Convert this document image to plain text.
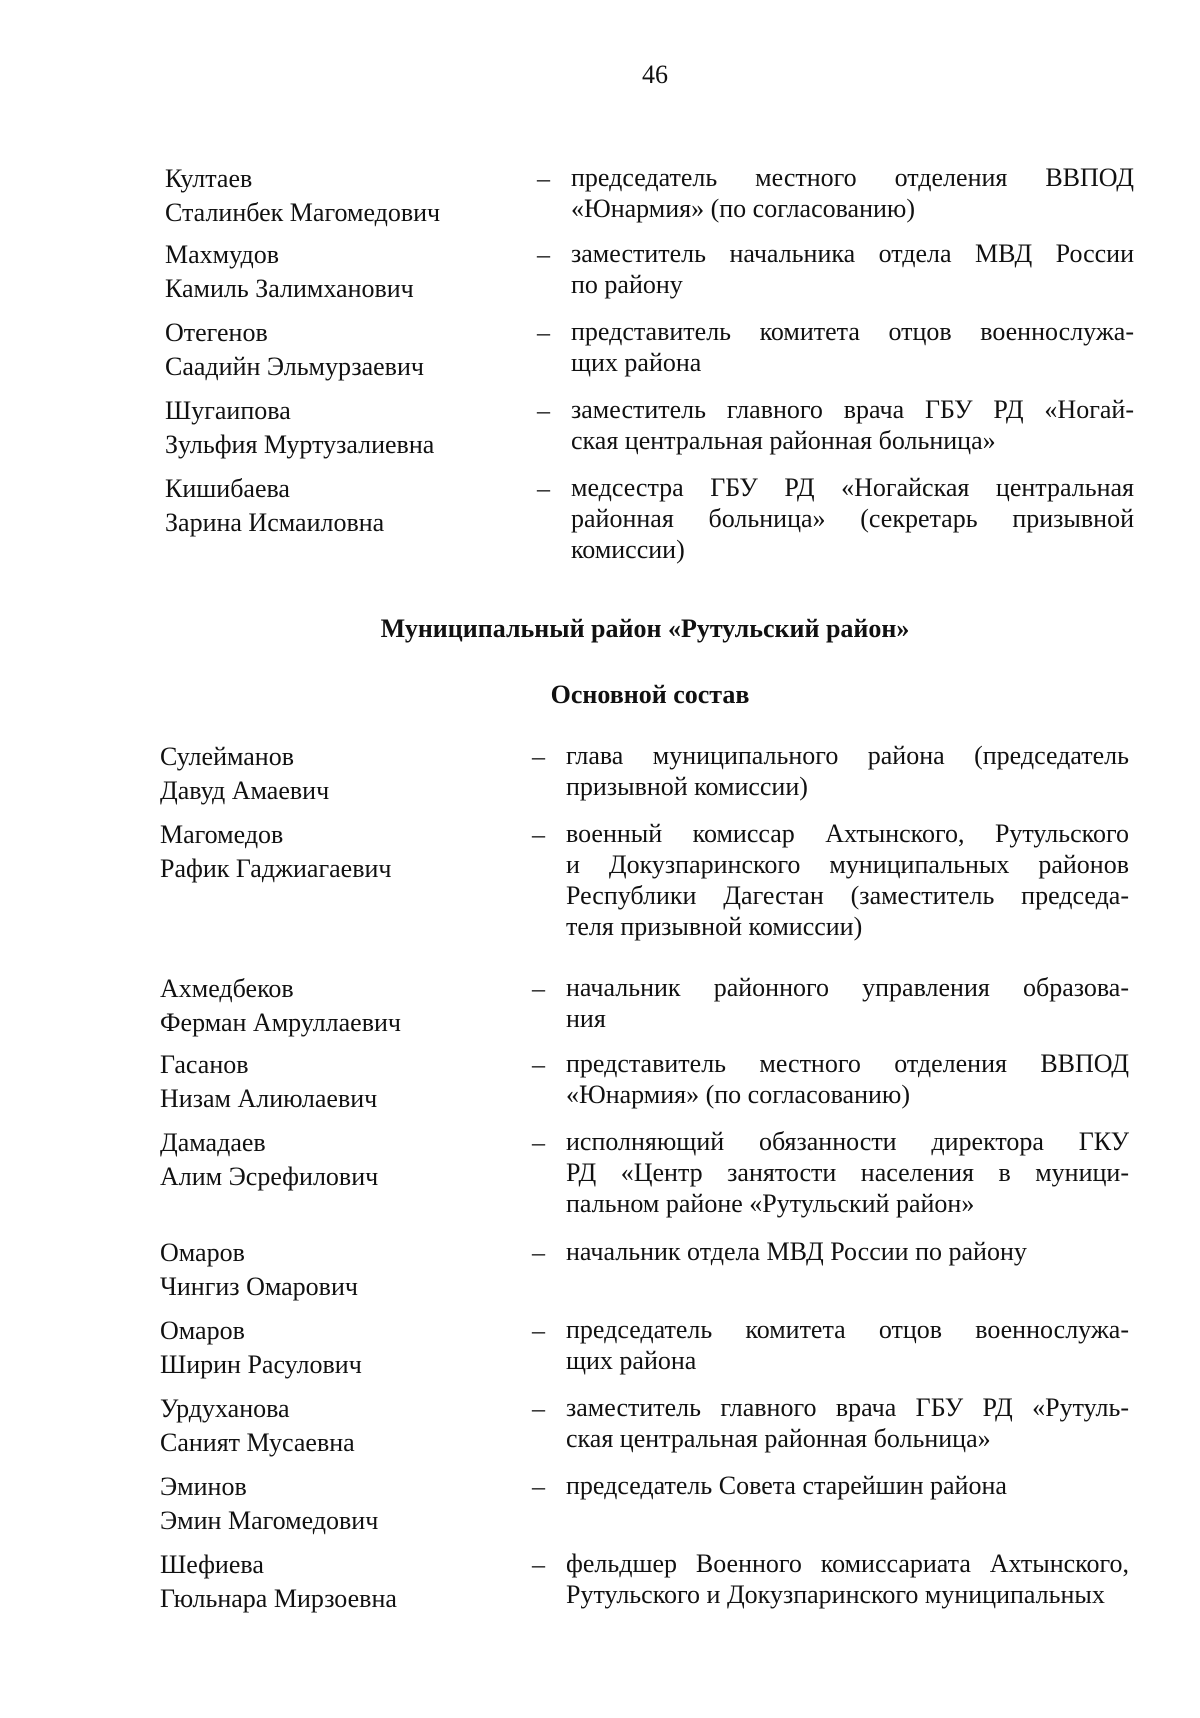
46
Култаев
Сталинбек Магомедович
– председатель местного отделения ВВПОД
«Юнармия» (по согласованию)
Махмудов
Камиль Залимханович
– заместитель начальника отдела МВД России
по району
Отегенов
Саадийн Эльмурзаевич
– представитель комитета отцов военнослужа-
щих района
Шугаипова
Зульфия Муртузалиевна
– заместитель главного врача ГБУ РД «Ногай-
ская центральная районная больница»
Кишибаева
Зарина Исмаиловна
– медсестра ГБУ РД «Ногайская центральная
районная больница» (секретарь призывной
комиссии)
Муниципальный район «Рутульский район»
Основной состав
Сулейманов
Давуд Амаевич
– глава муниципального района (председатель
призывной комиссии)
Магомедов
Рафик Гаджиагаевич
– военный комиссар Ахтынского, Рутульского
и Докузпаринского муниципальных районов
Республики Дагестан (заместитель председа-
теля призывной комиссии)
Ахмедбеков
Ферман Амруллаевич
– начальник районного управления образова-
ния
Гасанов
Низам Алиюлаевич
– представитель местного отделения ВВПОД
«Юнармия» (по согласованию)
Дамадаев
Алим Эсрефилович
– исполняющий обязанности директора ГКУ
РД «Центр занятости населения в муници-
пальном районе «Рутульский район»
Омаров
Чингиз Омарович
– начальник отдела МВД России по району
Омаров
Ширин Расулович
– председатель комитета отцов военнослужа-
щих района
Урдуханова
Саният Мусаевна
– заместитель главного врача ГБУ РД «Рутуль-
ская центральная районная больница»
Эминов
Эмин Магомедович
– председатель Совета старейшин района
Шефиева
Гюльнара Мирзоевна
– фельдшер Военного комиссариата Ахтынского,
Рутульского и Докузпаринского муниципальных
